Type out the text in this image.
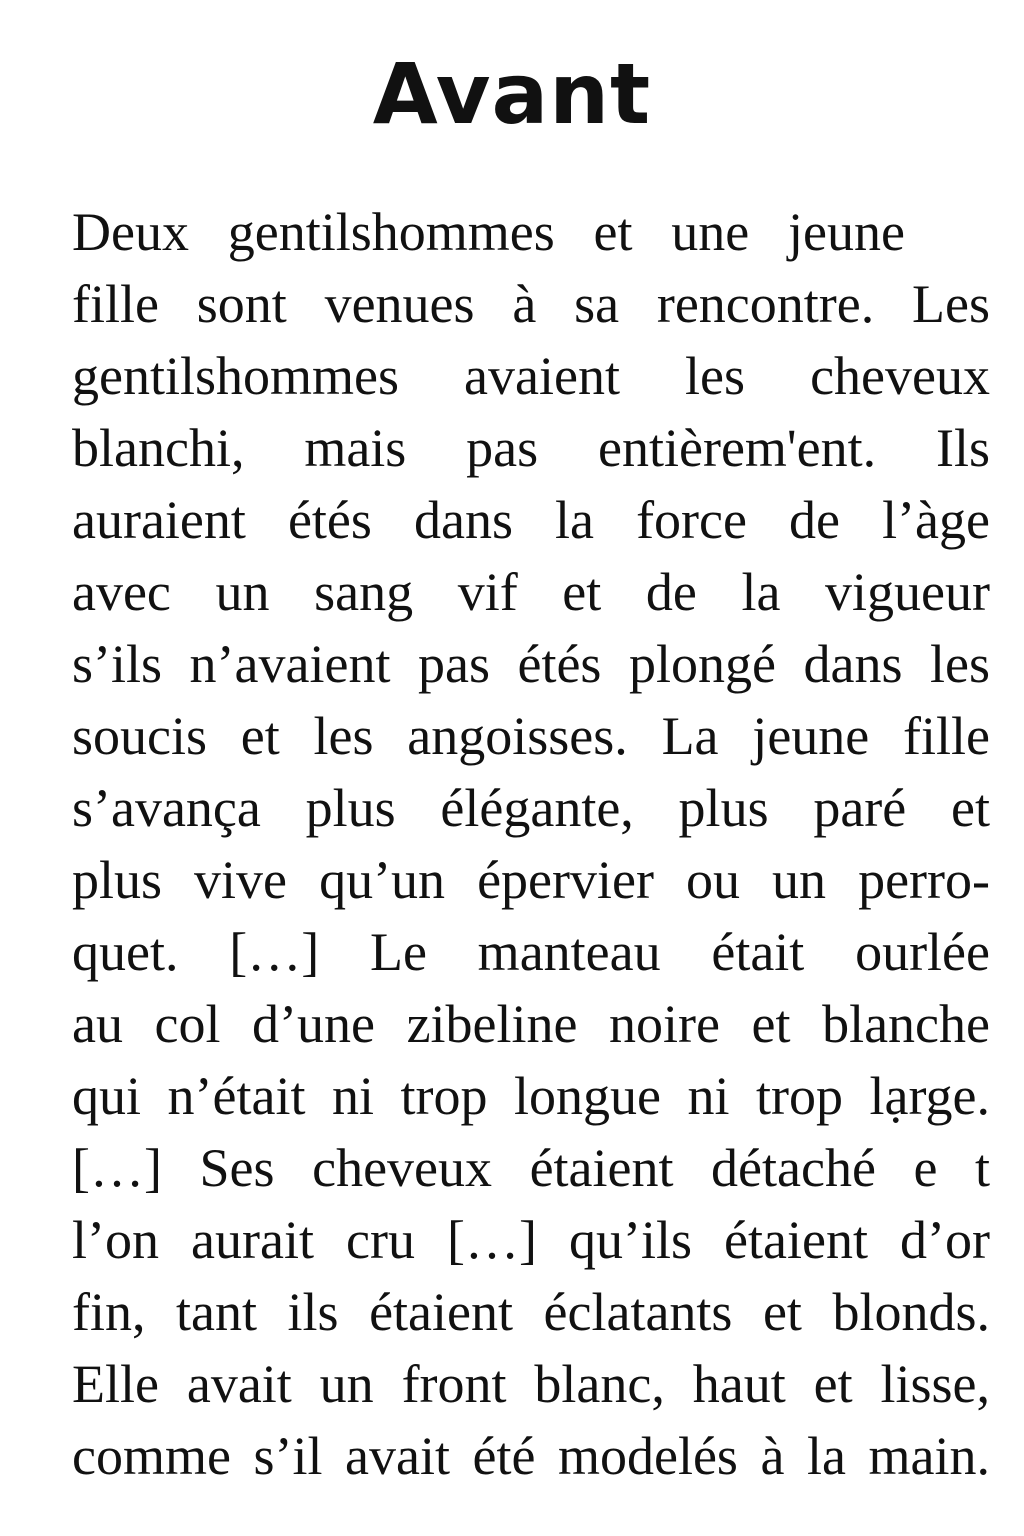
Avant
Deux gentilshommes et une jeune
fille sont venues à sa rencontre. Les
gentilshommes avaient les cheveux
blanchi, mais pas entièrem'ent. Ils
auraient étés dans la force de l’àge
avec un sang vif et de la vigueur
s’ils n’avaient pas étés plongé dans les
soucis et les angoisses. La jeune fille
s’avança plus élégante, plus paré et
plus vive qu’un épervier ou un perro-
quet. […] Le manteau était ourlée
au col d’une zibeline noire et blanche
qui n’était ni trop longue ni trop lạrge.
[…] Ses cheveux étaient détaché e t
l’on aurait cru […] qu’ils étaient d’or
fin, tant ils étaient éclatants et blonds.
Elle avait un front blanc, haut et lisse,
comme s’il avait été modelés à la main.
